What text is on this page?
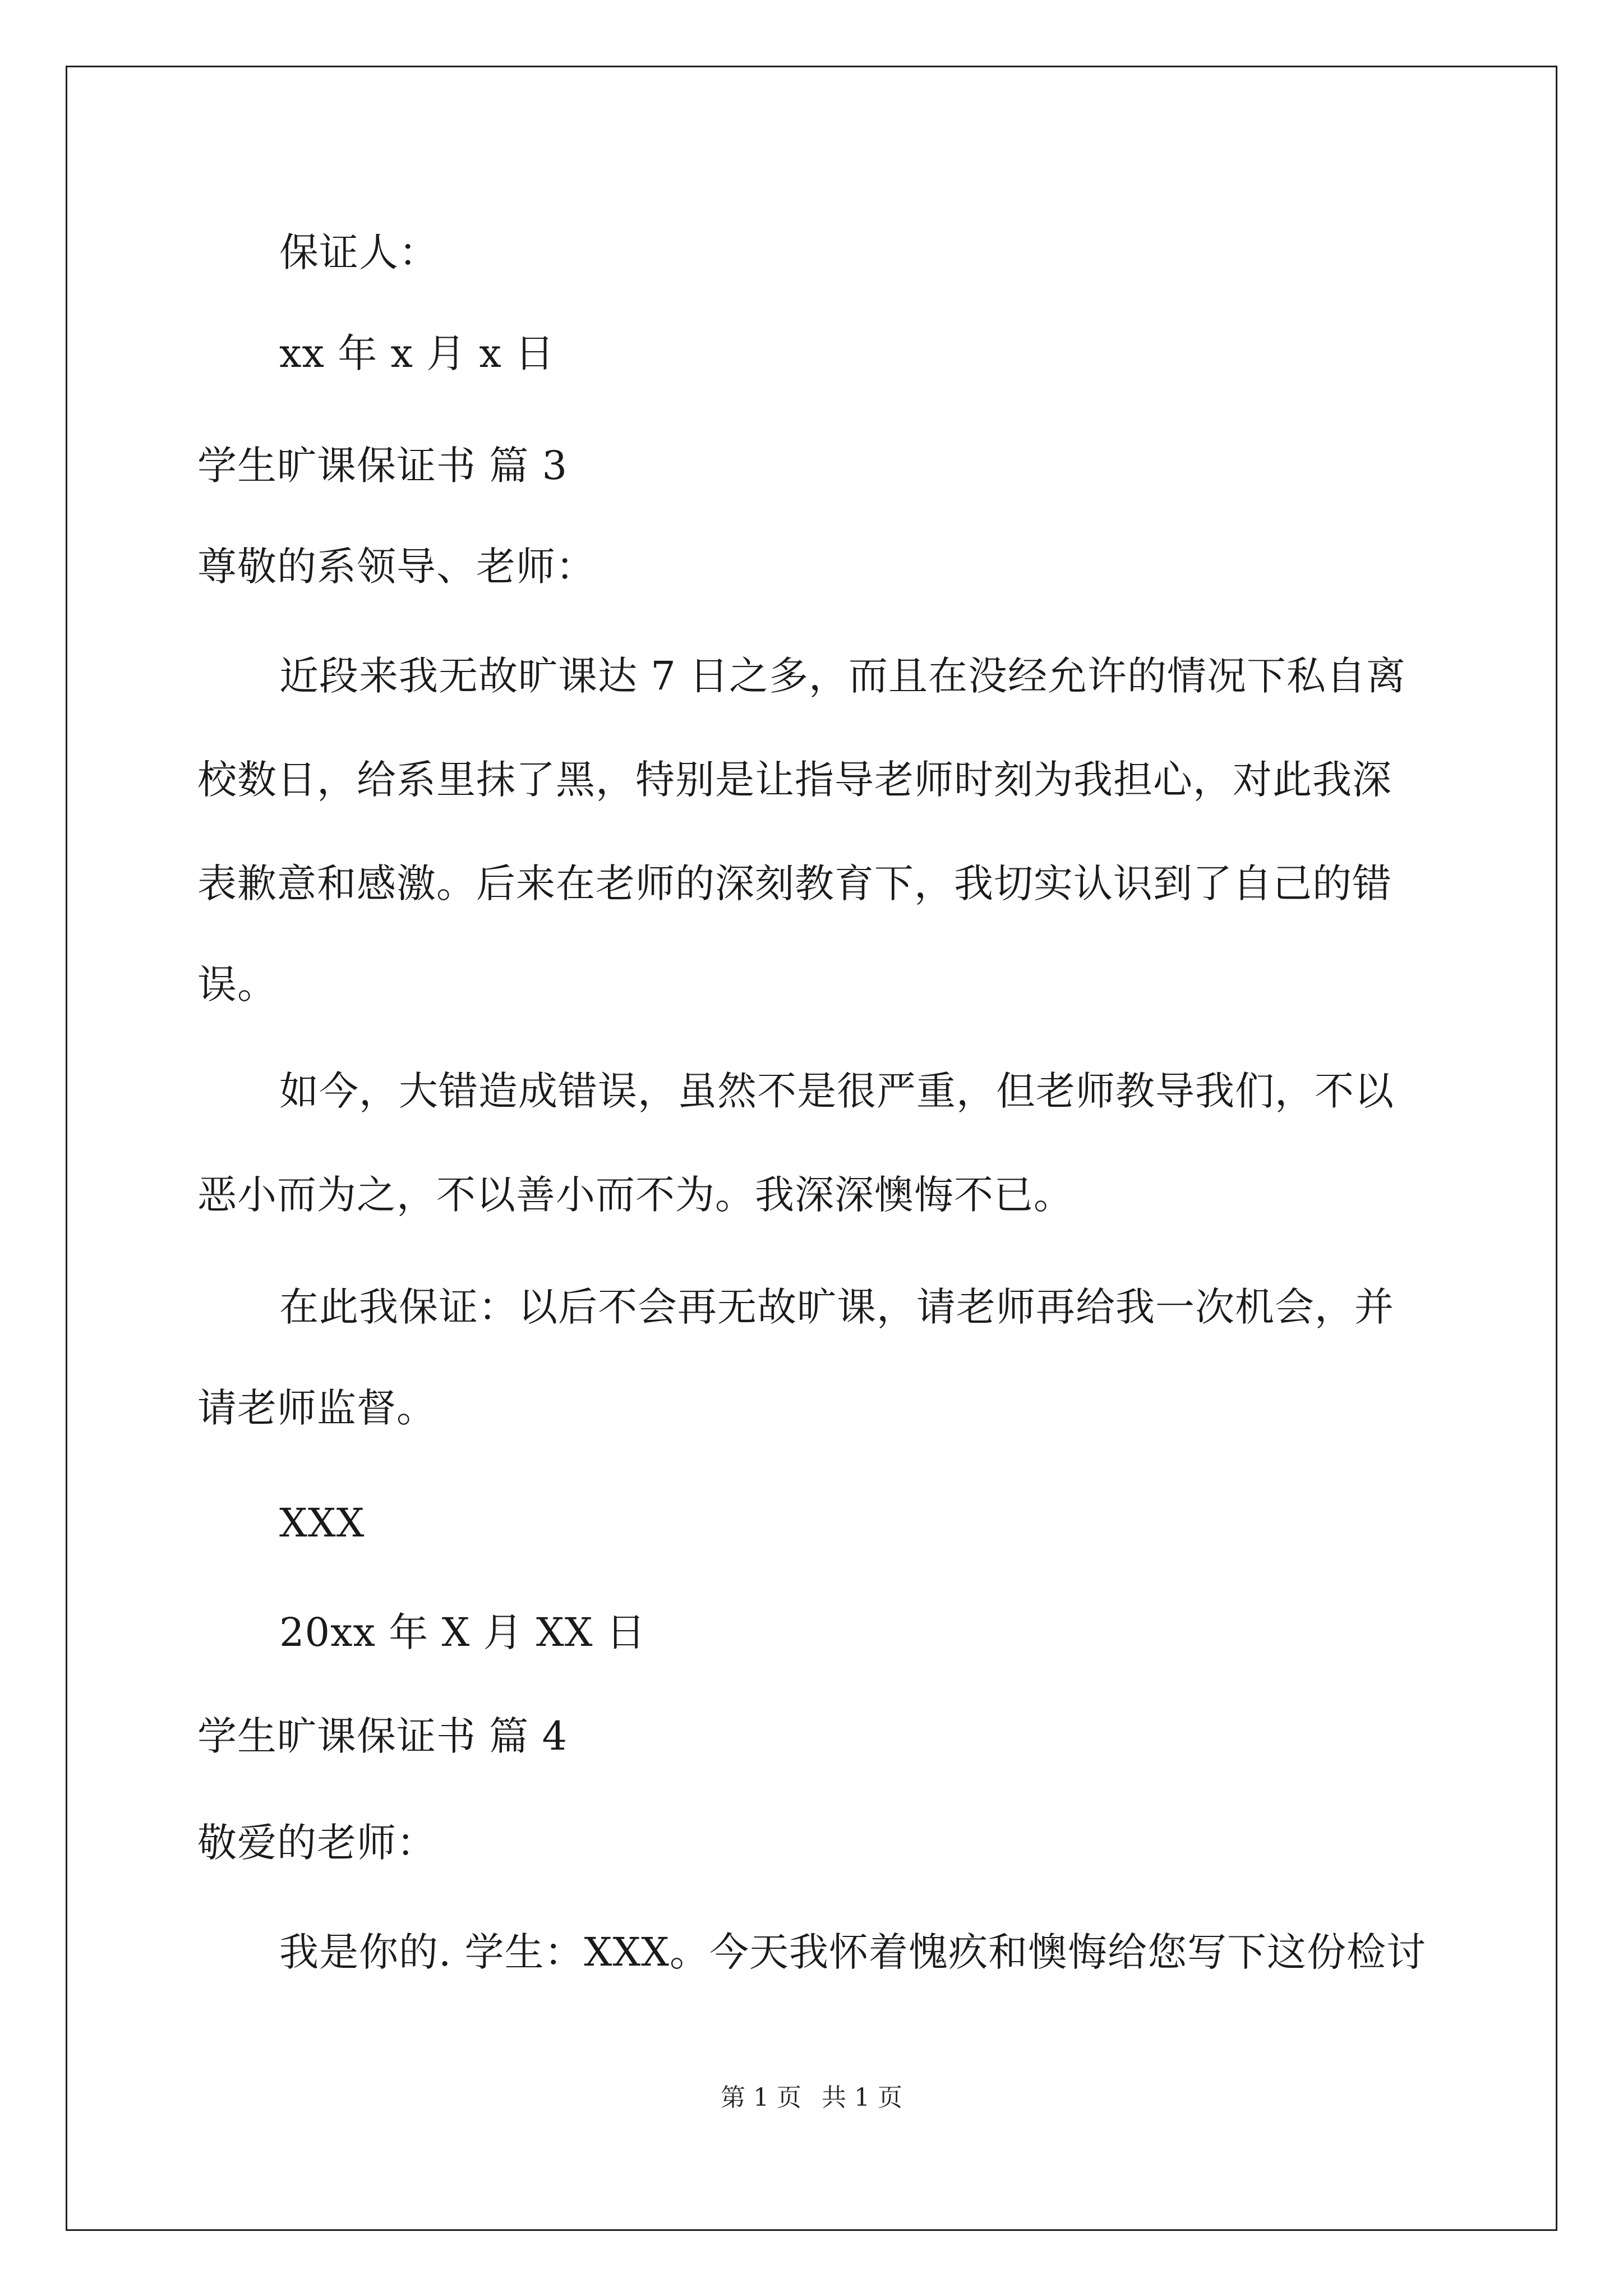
保证人：
xx 年 x 月 x 日
学生旷课保证书 篇 3
尊敬的系领导、老师：
近段来我无故旷课达 7 日之多，而且在没经允许的情况下私自离
校数日，给系里抹了黑，特别是让指导老师时刻为我担心，对此我深
表歉意和感激。后来在老师的深刻教育下，我切实认识到了自己的错
误。
如今，大错造成错误，虽然不是很严重，但老师教导我们，不以
恶小而为之，不以善小而不为。我深深懊悔不已。
在此我保证：以后不会再无故旷课，请老师再给我一次机会，并
请老师监督。
XXX
20xx 年 X 月 XX 日
学生旷课保证书 篇 4
敬爱的老师：
我是你的. 学生：XXX。今天我怀着愧疚和懊悔给您写下这份检讨
第 1 页 共 1 页
